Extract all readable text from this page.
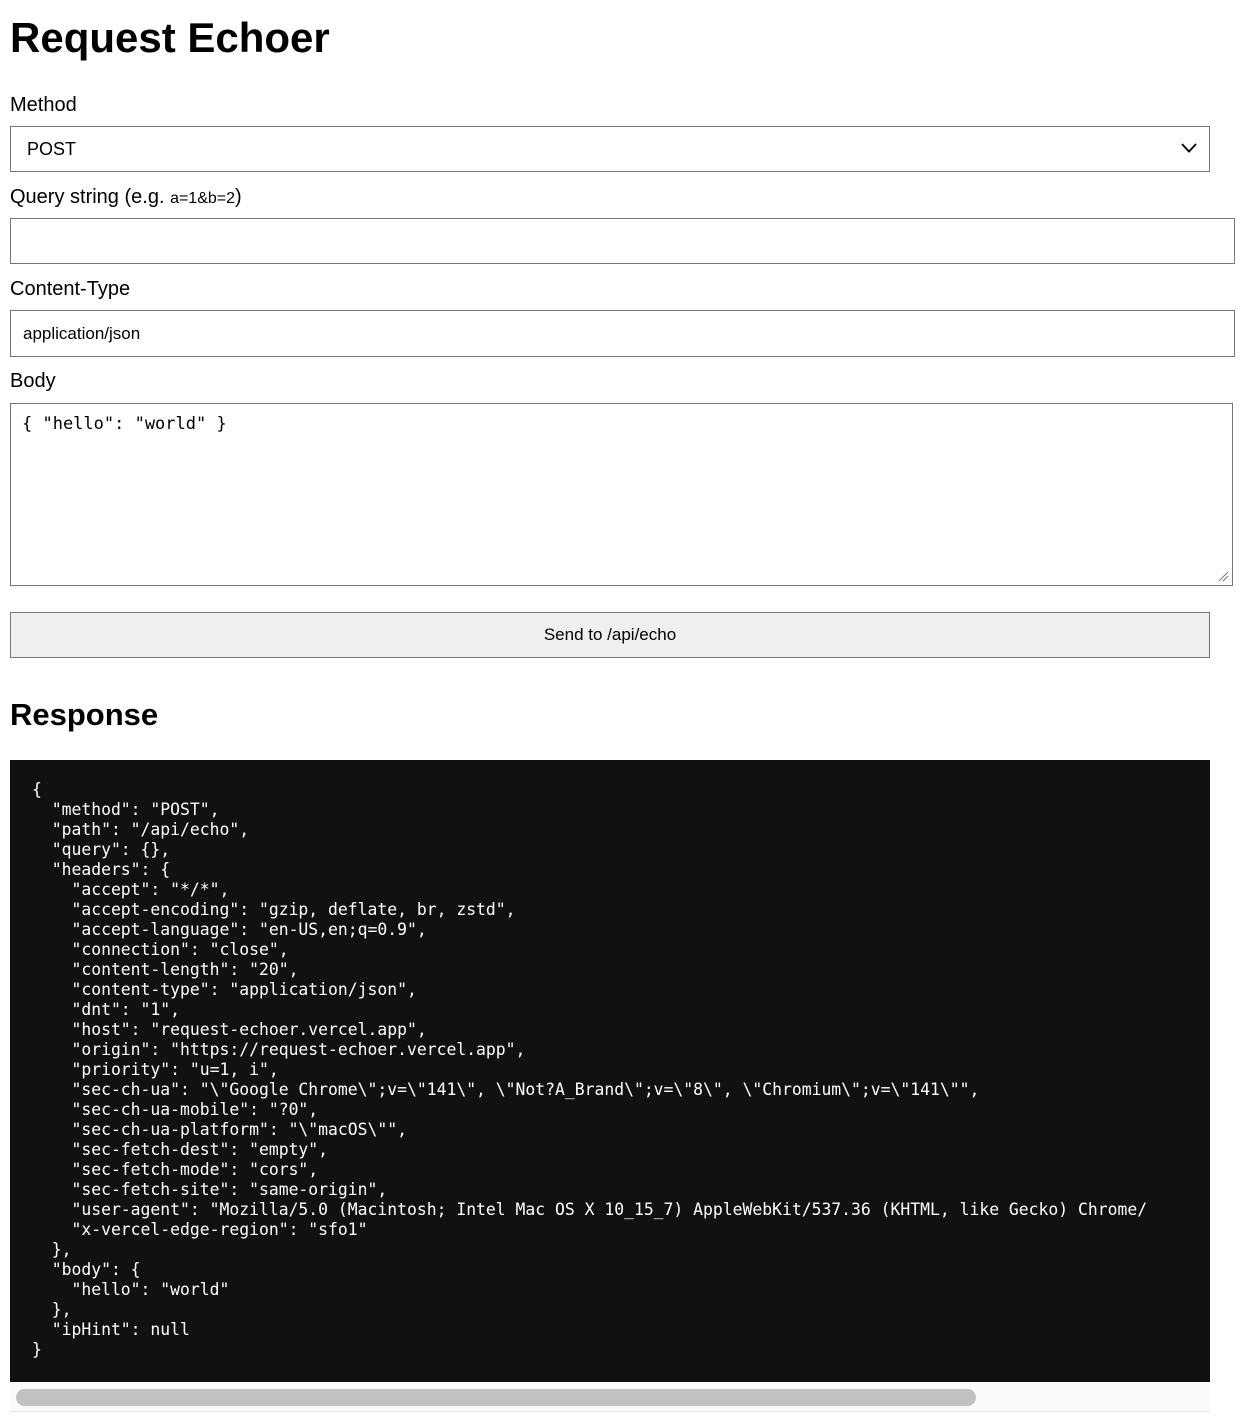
Request Echoer
Method
POST
Query string (e.g. a=1&b=2)
Content-Type
application/json
Body
{ "hello": "world" }
Send to /api/echo
Response
{
"method": "POST",
"path": "/api/echo",
"query": {},
"headers": {
"accept": "*/*",
"accept-encoding": "gzip, deflate, br, zstd",
"accept-language": "en-US,en;q=0.9",
"connection": "close",
"content-length": "20",
"content-type": "application/json",
"dnt": "1",
"host": "request-echoer.vercel.app",
"origin": "https://request-echoer.vercel.app",
"priority": "u=1, i",
"sec-ch-ua": "\"Google Chrome\";v=\"141\", \"Not?A_Brand\";v=\"8\", \"Chromium\";v=\"141\"",
"sec-ch-ua-mobile": "?0",
"sec-ch-ua-platform": "\"macOS\"",
"sec-fetch-dest": "empty",
"sec-fetch-mode": "cors",
"sec-fetch-site": "same-origin",
"user-agent": "Mozilla/5.0 (Macintosh; Intel Mac OS X 10_15_7) AppleWebKit/537.36 (KHTML, like Gecko) Chrome/
"x-vercel-edge-region": "sfo1"
},
"body": {
"hello": "world"
},
"ipHint": null
}
